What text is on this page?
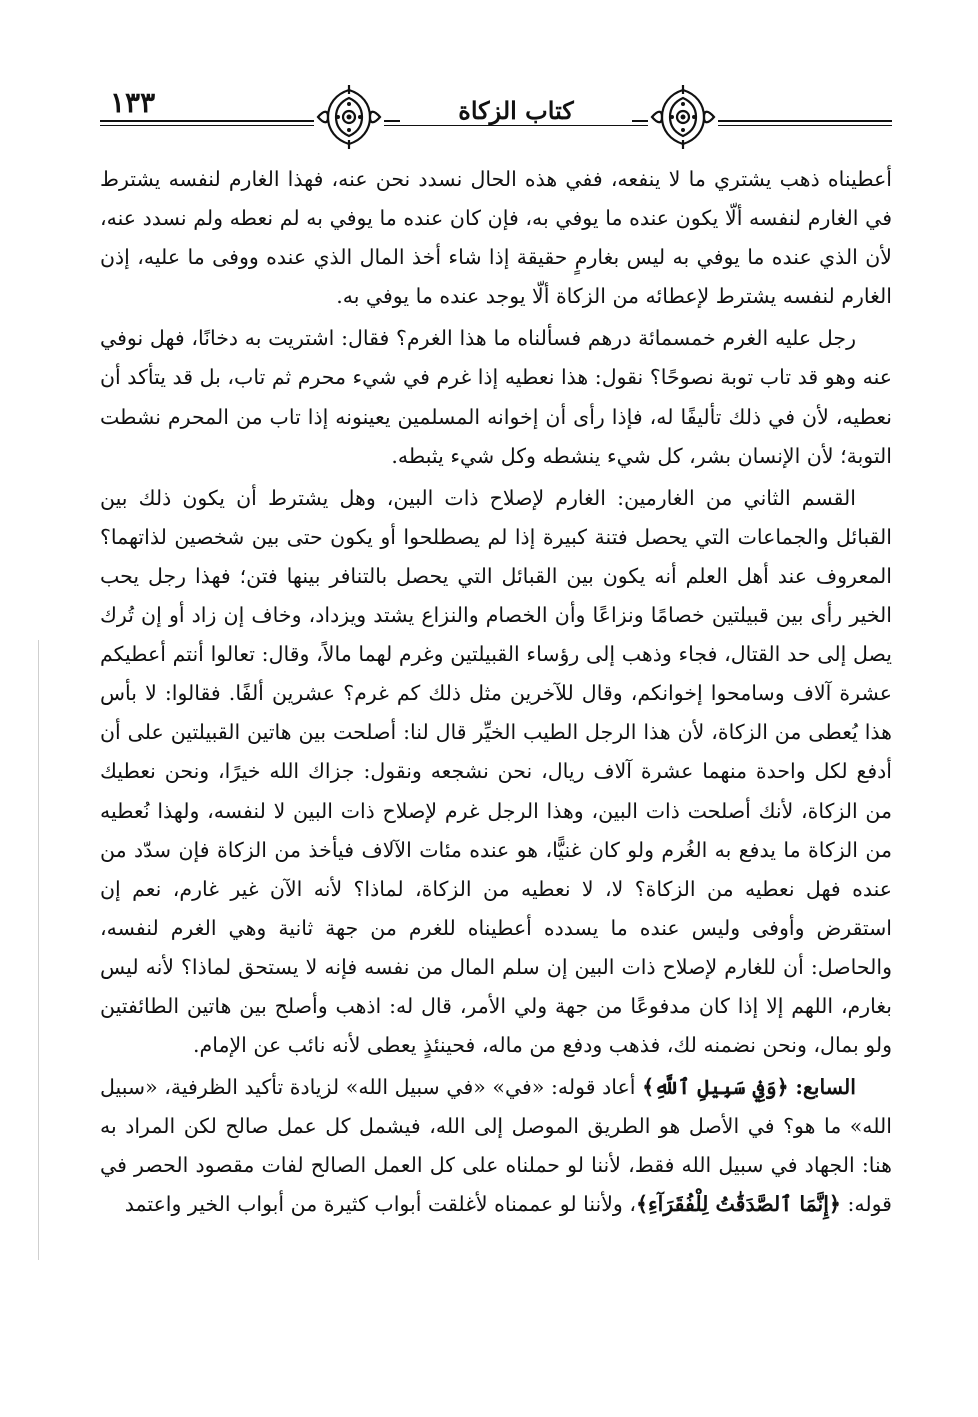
١٣٣	كتاب الزكاة

أعطيناه ذهب يشتري ما لا ينفعه، ففي هذه الحال نسدد نحن عنه، فهذا الغارم لنفسه يشترط في الغارم لنفسه ألّا يكون عنده ما يوفي به، فإن كان عنده ما يوفي به لم نعطه ولم نسدد عنه، لأن الذي عنده ما يوفي به ليس بغارمٍ حقيقة إذا شاء أخذ المال الذي عنده ووفى ما عليه، إذن الغارم لنفسه يشترط لإعطائه من الزكاة ألّا يوجد عنده ما يوفي به.

رجل عليه الغرم خمسمائة درهم فسألناه ما هذا الغرم؟ فقال: اشتريت به دخانًا، فهل نوفي عنه وهو قد تاب توبة نصوحًا؟ نقول: هذا نعطيه إذا غرم في شيء محرم ثم تاب، بل قد يتأكد أن نعطيه، لأن في ذلك تأليفًا له، فإذا رأى أن إخوانه المسلمين يعينونه إذا تاب من المحرم نشطت التوبة؛ لأن الإنسان بشر، كل شيء ينشطه وكل شيء يثبطه.

القسم الثاني من الغارمين: الغارم لإصلاح ذات البين، وهل يشترط أن يكون ذلك بين القبائل والجماعات التي يحصل فتنة كبيرة إذا لم يصطلحوا أو يكون حتى بين شخصين لذاتهما؟ المعروف عند أهل العلم أنه يكون بين القبائل التي يحصل بالتنافر بينها فتن؛ فهذا رجل يحب الخير رأى بين قبيلتين خصامًا ونزاعًا وأن الخصام والنزاع يشتد ويزداد، وخاف إن زاد أو إن تُرك يصل إلى حد القتال، فجاء وذهب إلى رؤساء القبيلتين وغرم لهما مالاً، وقال: تعالوا أنتم أعطيكم عشرة آلاف وسامحوا إخوانكم، وقال للآخرين مثل ذلك كم غرم؟ عشرين ألفًا. فقالوا: لا بأس هذا يُعطى من الزكاة، لأن هذا الرجل الطيب الخيِّر قال لنا: أصلحت بين هاتين القبيلتين على أن أدفع لكل واحدة منهما عشرة آلاف ريال، نحن نشجعه ونقول: جزاك الله خيرًا، ونحن نعطيك من الزكاة، لأنك أصلحت ذات البين، وهذا الرجل غرم لإصلاح ذات البين لا لنفسه، ولهذا نُعطيه من الزكاة ما يدفع به الغُرم ولو كان غنيًّا، هو عنده مئات الآلاف فيأخذ من الزكاة فإن سدّد من عنده فهل نعطيه من الزكاة؟ لا، لا نعطيه من الزكاة، لماذا؟ لأنه الآن غير غارم، نعم إن استقرض وأوفى وليس عنده ما يسدده أعطيناه للغرم من جهة ثانية وهي الغرم لنفسه، والحاصل: أن للغارم لإصلاح ذات البين إن سلم المال من نفسه فإنه لا يستحق لماذا؟ لأنه ليس بغارم، اللهم إلا إذا كان مدفوعًا من جهة ولي الأمر، قال له: اذهب وأصلح بين هاتين الطائفتين ولو بمال، ونحن نضمنه لك، فذهب ودفع من ماله، فحينئذٍ يعطى لأنه نائب عن الإمام.

السابع: ﴿وَفِي سَبِيلِ ٱللَّهِ﴾ أعاد قوله: «في» «في سبيل الله» لزيادة تأكيد الظرفية، «سبيل الله» ما هو؟ في الأصل هو الطريق الموصل إلى الله، فيشمل كل عمل صالح لكن المراد به هنا: الجهاد في سبيل الله فقط، لأننا لو حملناه على كل العمل الصالح لفات مقصود الحصر في قوله: ﴿إِنَّمَا ٱلصَّدَقَٰتُ لِلْفُقَرَآءِ﴾، ولأننا لو عممناه لأغلقت أبواب كثيرة من أبواب الخير واعتمد
